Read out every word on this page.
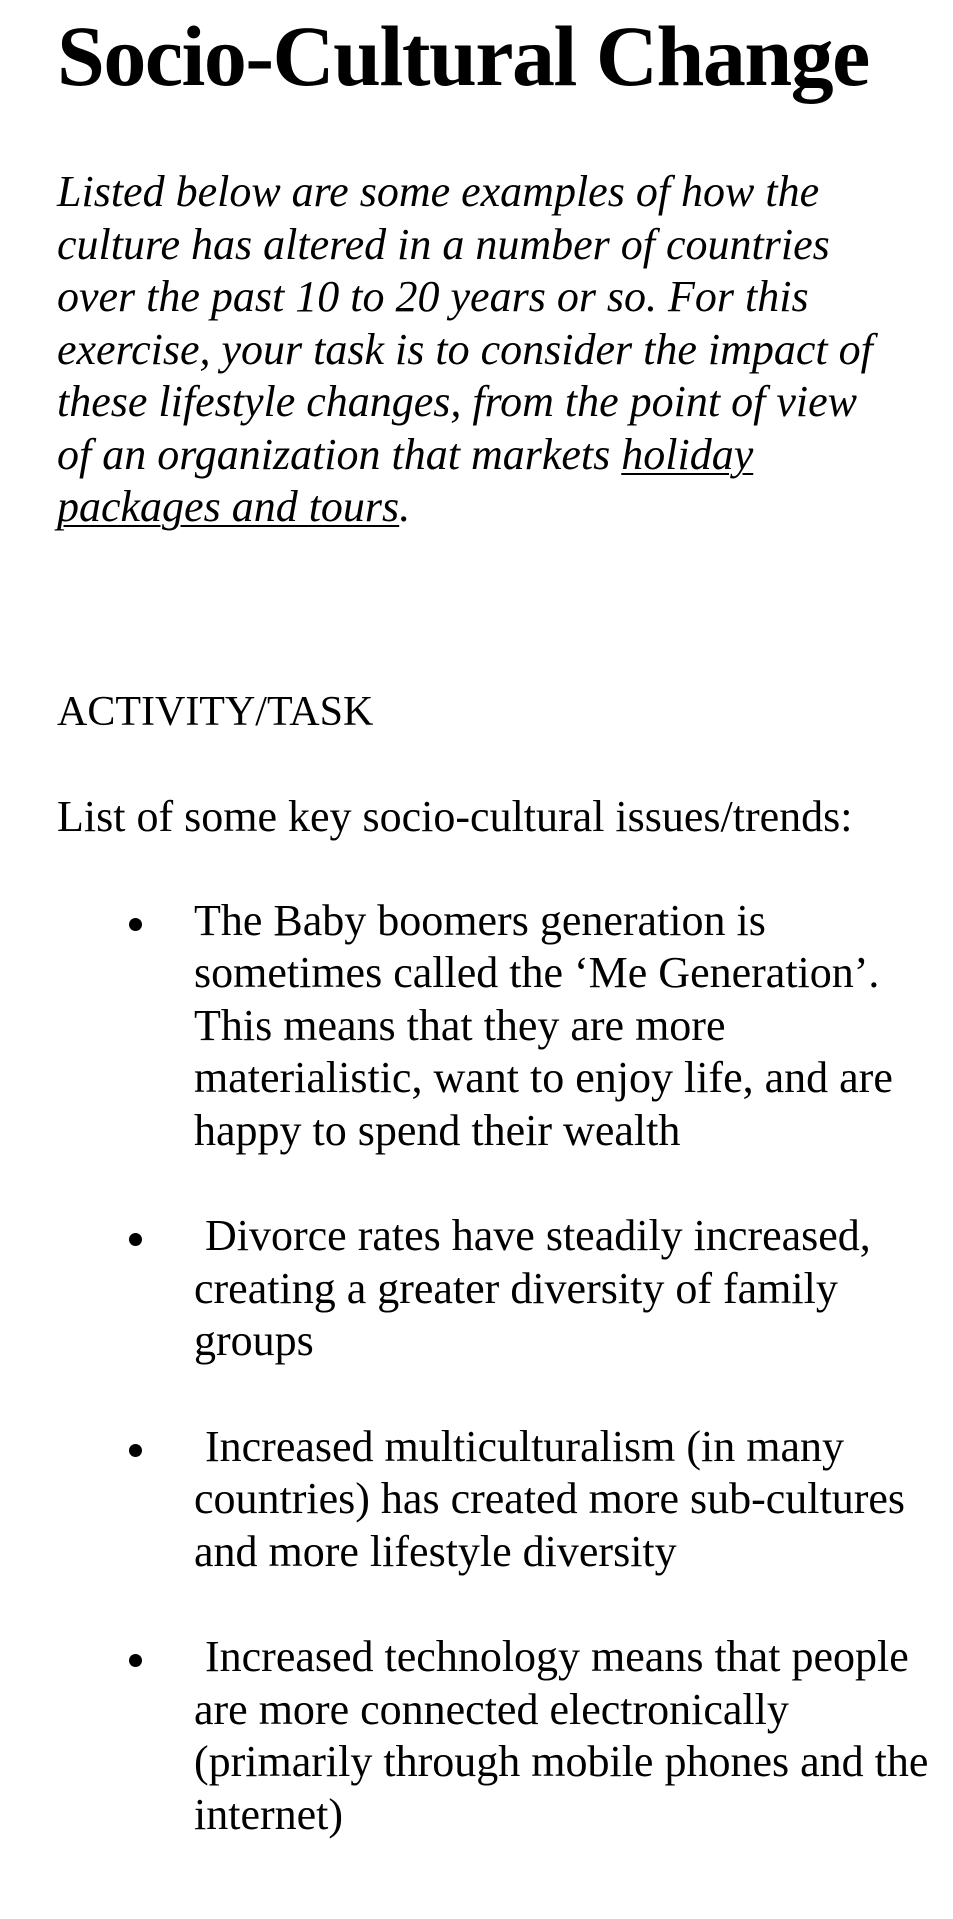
Socio-Cultural Change

Listed below are some examples of how the culture has altered in a number of countries over the past 10 to 20 years or so. For this exercise, your task is to consider the impact of these lifestyle changes, from the point of view of an organization that markets holiday packages and tours.

ACTIVITY/TASK

List of some key socio-cultural issues/trends:

The Baby boomers generation is sometimes called the ‘Me Generation’. This means that they are more materialistic, want to enjoy life, and are happy to spend their wealth
Divorce rates have steadily increased, creating a greater diversity of family groups
Increased multiculturalism (in many countries) has created more sub-cultures and more lifestyle diversity
Increased technology means that people are more connected electronically (primarily through mobile phones and the internet)
